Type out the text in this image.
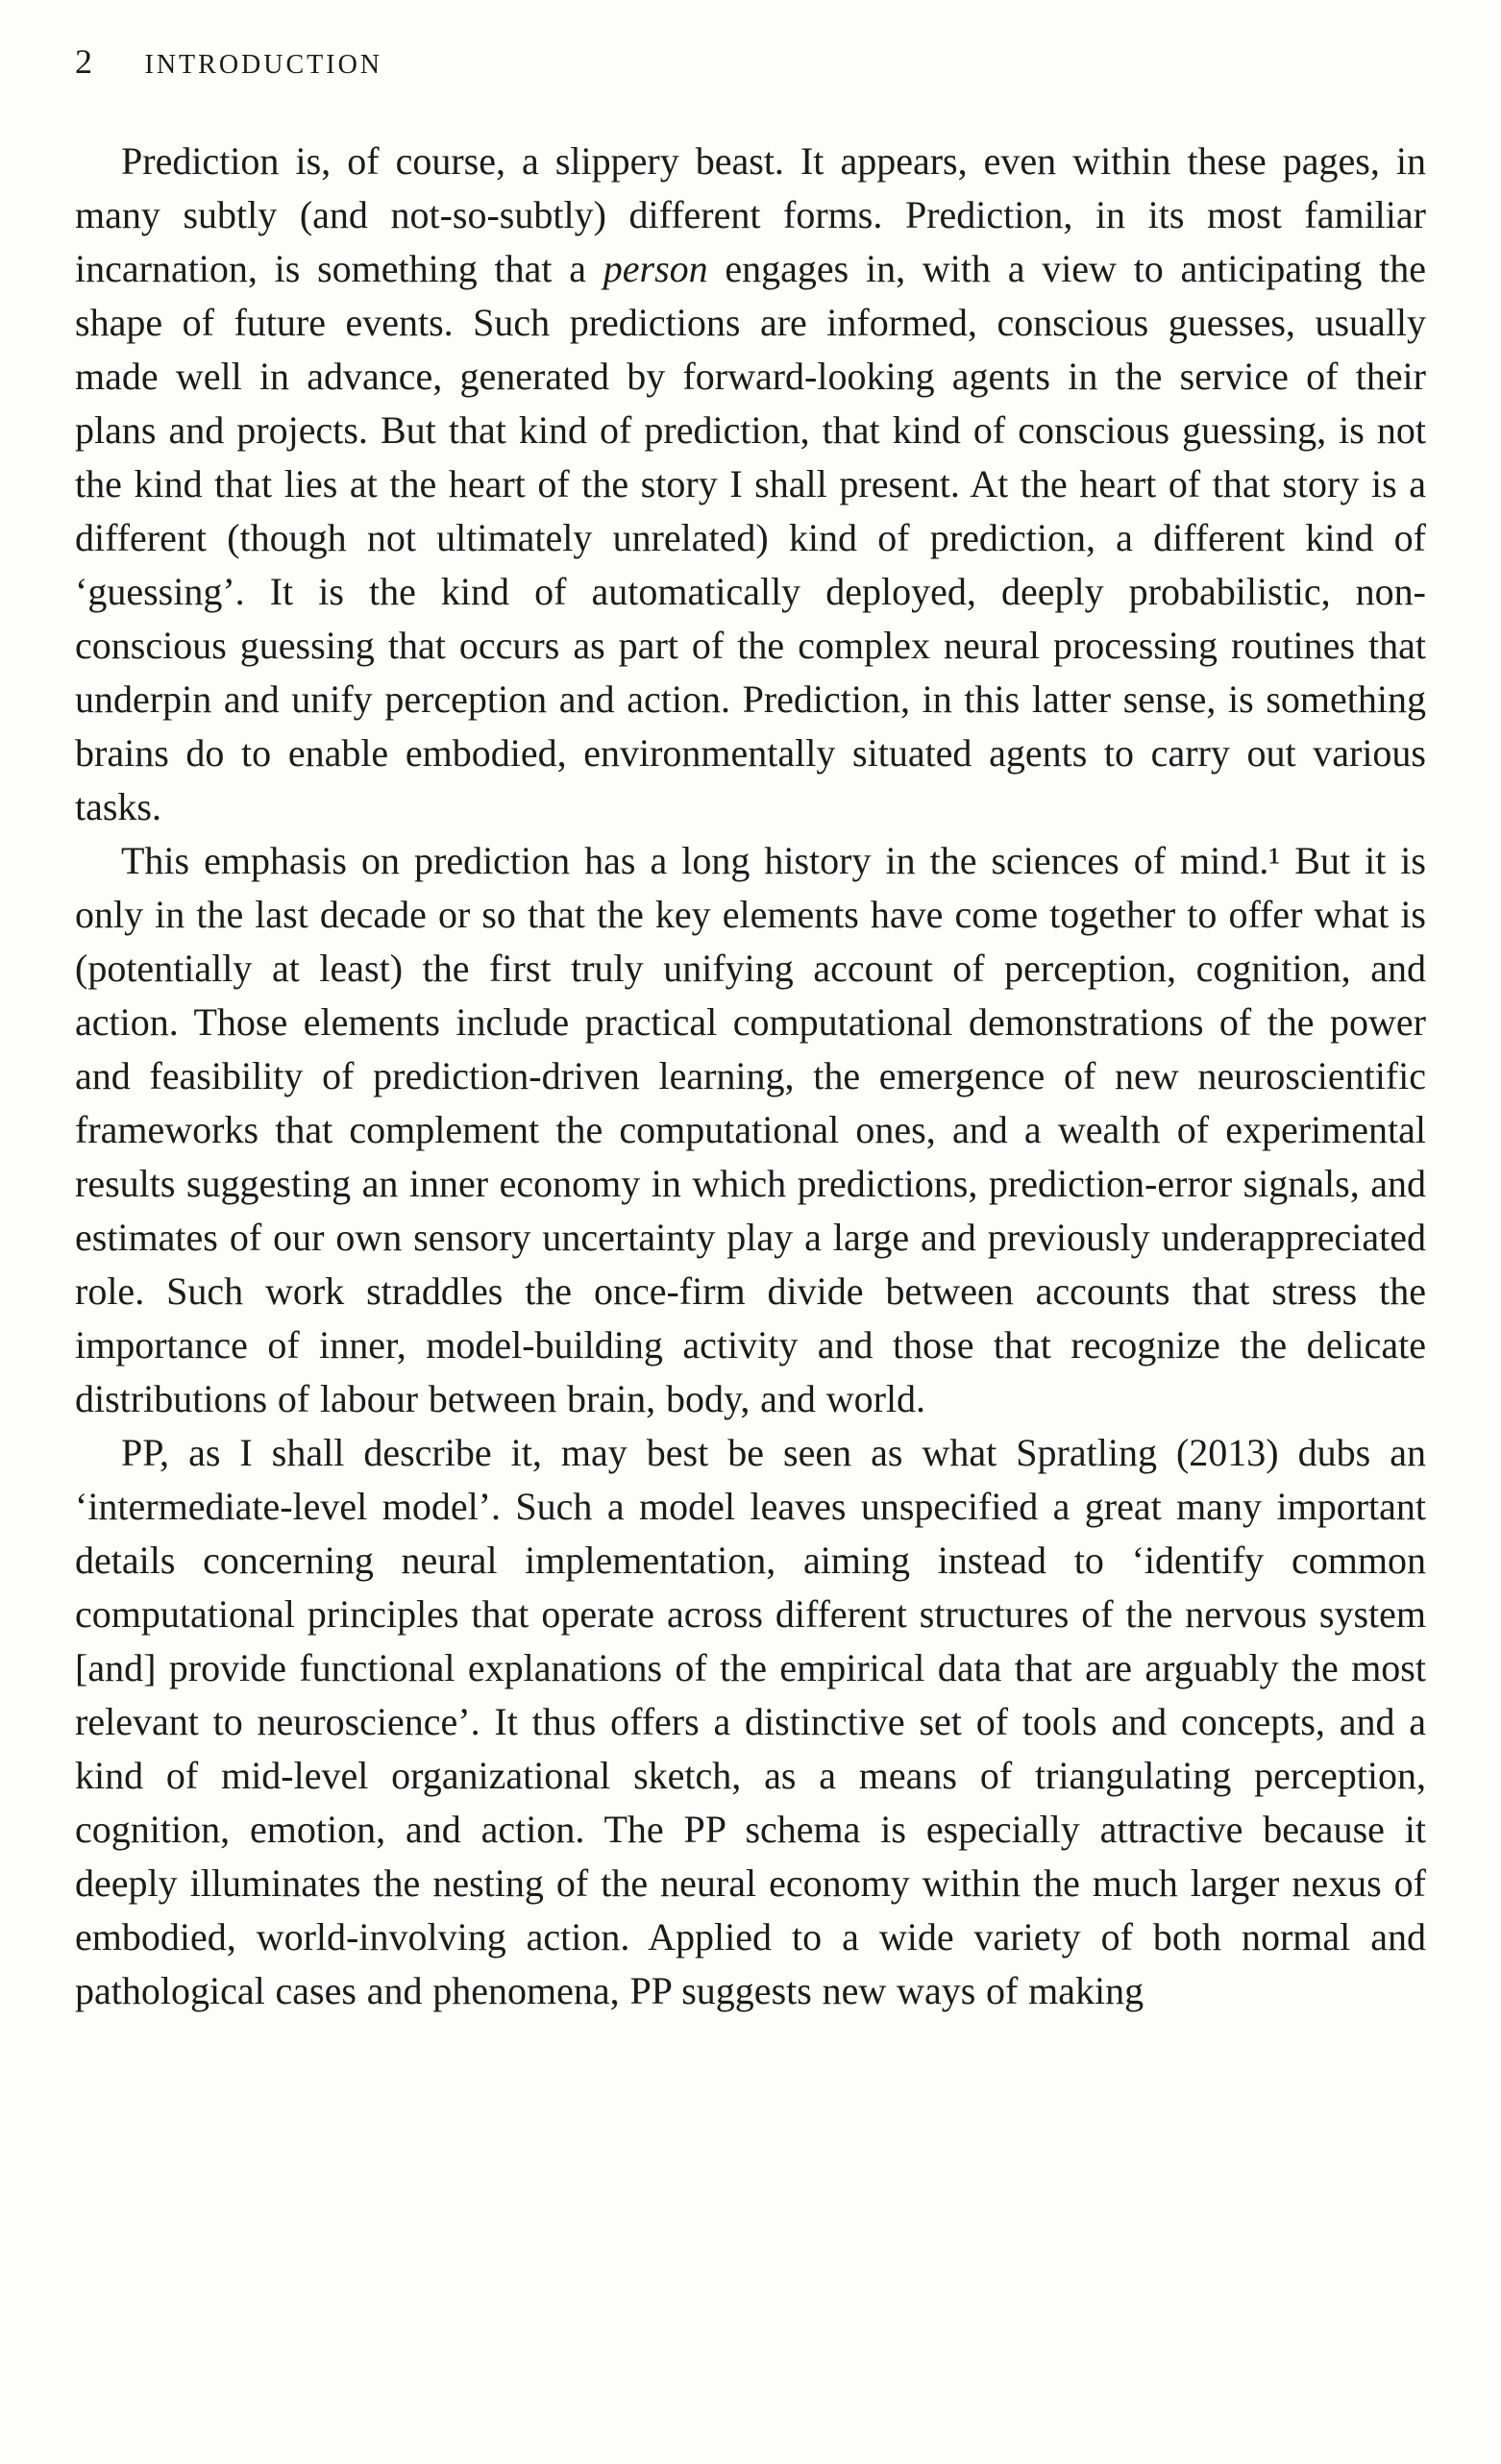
2 INTRODUCTION

Prediction is, of course, a slippery beast. It appears, even within these pages, in many subtly (and not-so-subtly) different forms. Prediction, in its most familiar incarnation, is something that a person engages in, with a view to anticipating the shape of future events. Such predictions are informed, conscious guesses, usually made well in advance, generated by forward-looking agents in the service of their plans and projects. But that kind of prediction, that kind of conscious guessing, is not the kind that lies at the heart of the story I shall present. At the heart of that story is a different (though not ultimately unrelated) kind of prediction, a different kind of ‘guessing’. It is the kind of automatically deployed, deeply probabilistic, non-conscious guessing that occurs as part of the complex neural processing routines that underpin and unify perception and action. Prediction, in this latter sense, is something brains do to enable embodied, environmentally situated agents to carry out various tasks.

This emphasis on prediction has a long history in the sciences of mind.¹ But it is only in the last decade or so that the key elements have come together to offer what is (potentially at least) the first truly unifying account of perception, cognition, and action. Those elements include practical computational demonstrations of the power and feasibility of prediction-driven learning, the emergence of new neuroscientific frameworks that complement the computational ones, and a wealth of experimental results suggesting an inner economy in which predictions, prediction-error signals, and estimates of our own sensory uncertainty play a large and previously underappreciated role. Such work straddles the once-firm divide between accounts that stress the importance of inner, model-building activity and those that recognize the delicate distributions of labour between brain, body, and world.

PP, as I shall describe it, may best be seen as what Spratling (2013) dubs an ‘intermediate-level model’. Such a model leaves unspecified a great many important details concerning neural implementation, aiming instead to ‘identify common computational principles that operate across different structures of the nervous system [and] provide functional explanations of the empirical data that are arguably the most relevant to neuroscience’. It thus offers a distinctive set of tools and concepts, and a kind of mid-level organizational sketch, as a means of triangulating perception, cognition, emotion, and action. The PP schema is especially attractive because it deeply illuminates the nesting of the neural economy within the much larger nexus of embodied, world-involving action. Applied to a wide variety of both normal and pathological cases and phenomena, PP suggests new ways of making
